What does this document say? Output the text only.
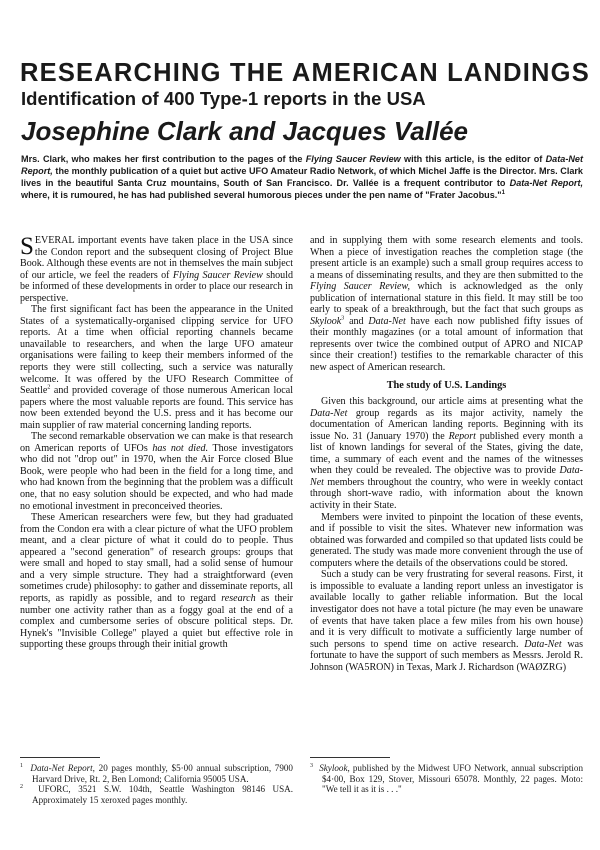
RESEARCHING THE AMERICAN LANDINGS
Identification of 400 Type-1 reports in the USA
Josephine Clark and Jacques Vallée

Mrs. Clark, who makes her first contribution to the pages of the Flying Saucer Review with this article, is the editor of Data-Net Report, the monthly publication of a quiet but active UFO Amateur Radio Network, of which Michel Jaffe is the Director. Mrs. Clark lives in the beautiful Santa Cruz mountains, South of San Francisco. Dr. Vallée is a frequent contributor to Data-Net Report, where, it is rumoured, he has had published several humorous pieces under the pen name of "Frater Jacobus."$^1$

SEVERAL important events have taken place in the USA since the Condon report and the subsequent closing of Project Blue Book. Although these events are not in themselves the main subject of our article, we feel the readers of Flying Saucer Review should be informed of these developments in order to place our research in perspective.

The first significant fact has been the appearance in the United States of a systematically-organised clipping service for UFO reports. At a time when official reporting channels became unavailable to researchers, and when the large UFO amateur organisations were failing to keep their members informed of the reports they were still collecting, such a service was naturally welcome. It was offered by the UFO Research Committee of Seattle$^2$ and provided coverage of those numerous American local papers where the most valuable reports are found. This service has now been extended beyond the U.S. press and it has become our main supplier of raw material concerning landing reports.

The second remarkable observation we can make is that research on American reports of UFOs has not died. Those investigators who did not "drop out" in 1970, when the Air Force closed Blue Book, were people who had been in the field for a long time, and who had known from the beginning that the problem was a difficult one, that no easy solution should be expected, and who had made no emotional investment in preconceived theories.

These American researchers were few, but they had graduated from the Condon era with a clear picture of what the UFO problem meant, and a clear picture of what it could do to people. Thus appeared a "second generation" of research groups: groups that were small and hoped to stay small, had a solid sense of humour and a very simple structure. They had a straightforward (even sometimes crude) philosophy: to gather and disseminate reports, all reports, as rapidly as possible, and to regard research as their number one activity rather than as a foggy goal at the end of a complex and cumbersome series of obscure political steps. Dr. Hynek's "Invisible College" played a quiet but effective role in supporting these groups through their initial growth

and in supplying them with some research elements and tools. When a piece of investigation reaches the completion stage (the present article is an example) such a small group requires access to a means of disseminating results, and they are then submitted to the Flying Saucer Review, which is acknowledged as the only publication of international stature in this field. It may still be too early to speak of a breakthrough, but the fact that such groups as Skylook$^3$ and Data-Net have each now published fifty issues of their monthly magazines (or a total amount of information that represents over twice the combined output of APRO and NICAP since their creation!) testifies to the remarkable character of this new aspect of American research.

The study of U.S. Landings

Given this background, our article aims at presenting what the Data-Net group regards as its major activity, namely the documentation of American landing reports. Beginning with its issue No. 31 (January 1970) the Report published every month a list of known landings for several of the States, giving the date, time, a summary of each event and the names of the witnesses when they could be revealed. The objective was to provide Data-Net members throughout the country, who were in weekly contact through short-wave radio, with information about the known activity in their State.

Members were invited to pinpoint the location of these events, and if possible to visit the sites. Whatever new information was obtained was forwarded and compiled so that updated lists could be generated. The study was made more convenient through the use of computers where the details of the observations could be stored.

Such a study can be very frustrating for several reasons. First, it is impossible to evaluate a landing report unless an investigator is available locally to gather reliable information. But the local investigator does not have a total picture (he may even be unaware of events that have taken place a few miles from his own house) and it is very difficult to motivate a sufficiently large number of such persons to spend time on active research. Data-Net was fortunate to have the support of such members as Messrs. Jerold R. Johnson (WA5RON) in Texas, Mark J. Richardson (WAØZRG)

$^1$ Data-Net Report, 20 pages monthly, $5·00 annual subscription, 7900 Harvard Drive, Rt. 2, Ben Lomond; California 95005 USA.

$^2$ UFORC, 3521 S.W. 104th, Seattle Washington 98146 USA. Approximately 15 xeroxed pages monthly.

$^3$ Skylook, published by the Midwest UFO Network, annual subscription $4·00, Box 129, Stover, Missouri 65078. Monthly, 22 pages. Moto: "We tell it as it is . . ."
